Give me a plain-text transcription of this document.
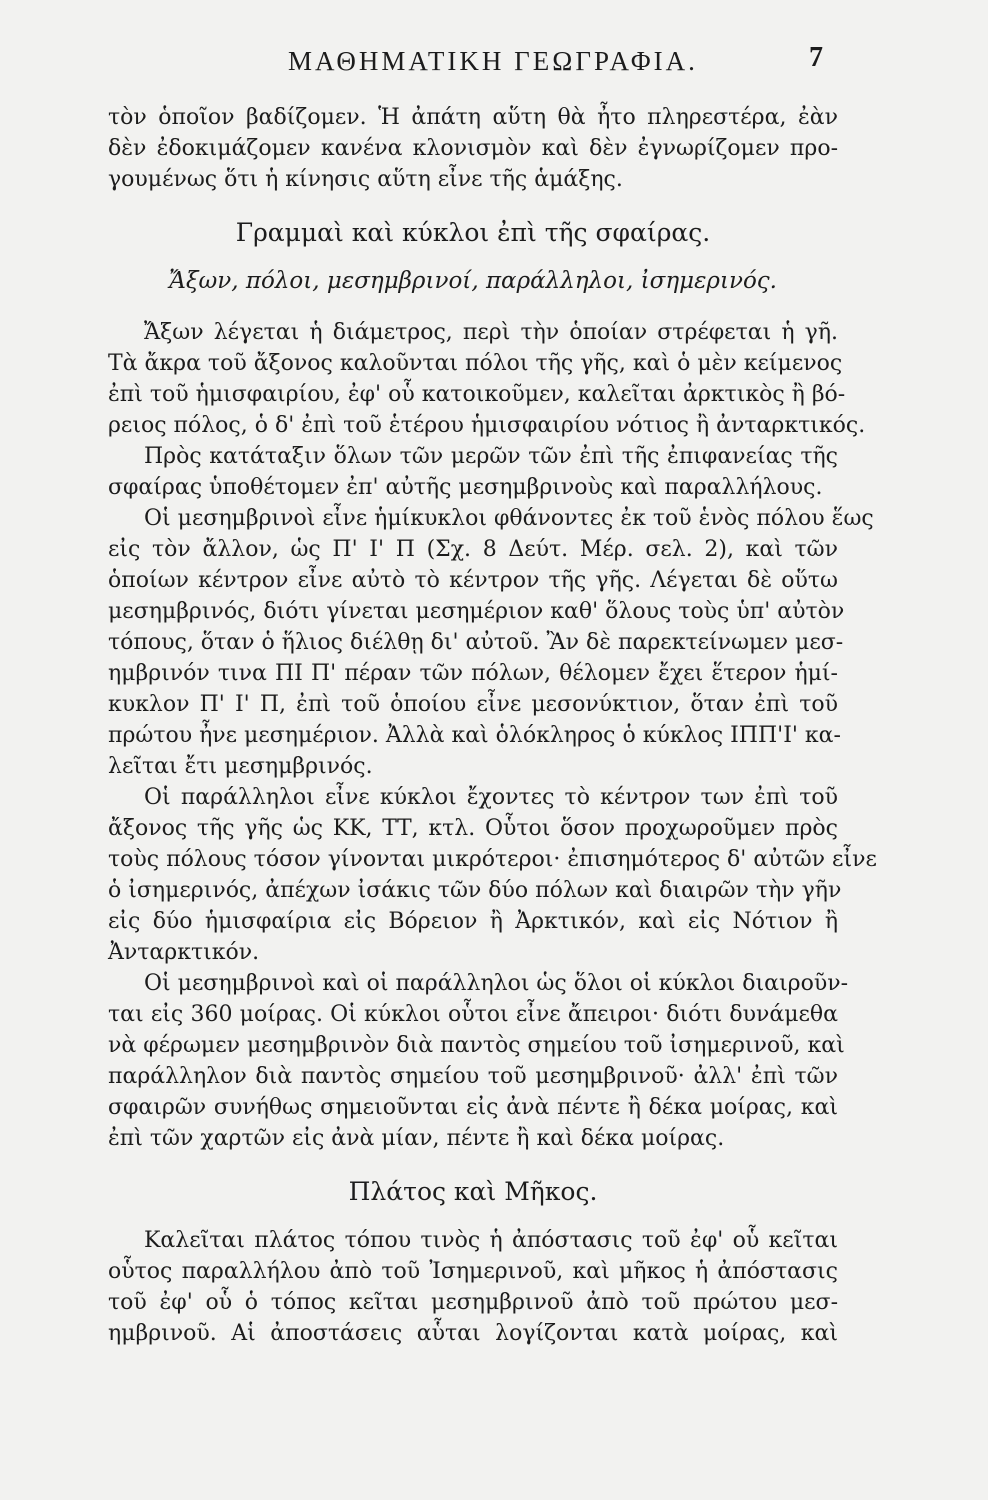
ΜΑΘΗΜΑΤΙΚΗ ΓΕΩΓΡΑΦΙΑ.	7
τὸν ὁποῖον βαδίζομεν. Ἡ ἀπάτη αὕτη θὰ ἦτο πληρεστέρα, ἐὰν
δὲν ἐδοκιμάζομεν κανένα κλονισμὸν καὶ δὲν ἐγνωρίζομεν προ-
γουμένως ὅτι ἡ κίνησις αὕτη εἶνε τῆς ἁμάξης.
Γραμμαὶ καὶ κύκλοι ἐπὶ τῆς σφαίρας.
Ἄξων, πόλοι, μεσημβρινοί, παράλληλοι, ἰσημερινός.
Ἄξων λέγεται ἡ διάμετρος, περὶ τὴν ὁποίαν στρέφεται ἡ γῆ.
Τὰ ἄκρα τοῦ ἄξονος καλοῦνται πόλοι τῆς γῆς, καὶ ὁ μὲν κείμενος
ἐπὶ τοῦ ἡμισφαιρίου, ἐφ' οὗ κατοικοῦμεν, καλεῖται ἀρκτικὸς ἢ βό-
ρειος πόλος, ὁ δ' ἐπὶ τοῦ ἑτέρου ἡμισφαιρίου νότιος ἢ ἀνταρκτικός.
Πρὸς κατάταξιν ὅλων τῶν μερῶν τῶν ἐπὶ τῆς ἐπιφανείας τῆς
σφαίρας ὑποθέτομεν ἐπ' αὐτῆς μεσημβρινοὺς καὶ παραλλήλους.
Οἱ μεσημβρινοὶ εἶνε ἡμίκυκλοι φθάνοντες ἐκ τοῦ ἑνὸς πόλου ἕως
εἰς τὸν ἄλλον, ὡς Π' Ι' Π (Σχ. 8 Δεύτ. Μέρ. σελ. 2), καὶ τῶν
ὁποίων κέντρον εἶνε αὐτὸ τὸ κέντρον τῆς γῆς. Λέγεται δὲ οὕτω
μεσημβρινός, διότι γίνεται μεσημέριον καθ' ὅλους τοὺς ὑπ' αὐτὸν
τόπους, ὅταν ὁ ἥλιος διέλθῃ δι' αὐτοῦ. Ἂν δὲ παρεκτείνωμεν μεσ-
ημβρινόν τινα ΠΙ Π' πέραν τῶν πόλων, θέλομεν ἔχει ἕτερον ἡμί-
κυκλον Π' Ι' Π, ἐπὶ τοῦ ὁποίου εἶνε μεσονύκτιον, ὅταν ἐπὶ τοῦ
πρώτου ἦνε μεσημέριον. Ἀλλὰ καὶ ὁλόκληρος ὁ κύκλος ΙΠΠ'Ι' κα-
λεῖται ἔτι μεσημβρινός.
Οἱ παράλληλοι εἶνε κύκλοι ἔχοντες τὸ κέντρον των ἐπὶ τοῦ
ἄξονος τῆς γῆς ὡς ΚΚ, ΤΤ, κτλ. Οὗτοι ὅσον προχωροῦμεν πρὸς
τοὺς πόλους τόσον γίνονται μικρότεροι· ἐπισημότερος δ' αὐτῶν εἶνε
ὁ ἰσημερινός, ἀπέχων ἰσάκις τῶν δύο πόλων καὶ διαιρῶν τὴν γῆν
εἰς δύο ἡμισφαίρια εἰς Βόρειον ἢ Ἀρκτικόν, καὶ εἰς Νότιον ἢ
Ἀνταρκτικόν.
Οἱ μεσημβρινοὶ καὶ οἱ παράλληλοι ὡς ὅλοι οἱ κύκλοι διαιροῦν-
ται εἰς 360 μοίρας. Οἱ κύκλοι οὗτοι εἶνε ἄπειροι· διότι δυνάμεθα
νὰ φέρωμεν μεσημβρινὸν διὰ παντὸς σημείου τοῦ ἰσημερινοῦ, καὶ
παράλληλον διὰ παντὸς σημείου τοῦ μεσημβρινοῦ· ἀλλ' ἐπὶ τῶν
σφαιρῶν συνήθως σημειοῦνται εἰς ἀνὰ πέντε ἢ δέκα μοίρας, καὶ
ἐπὶ τῶν χαρτῶν εἰς ἀνὰ μίαν, πέντε ἢ καὶ δέκα μοίρας.
Πλάτος καὶ Μῆκος.
Καλεῖται πλάτος τόπου τινὸς ἡ ἀπόστασις τοῦ ἐφ' οὗ κεῖται
οὗτος παραλλήλου ἀπὸ τοῦ Ἰσημερινοῦ, καὶ μῆκος ἡ ἀπόστασις
τοῦ ἐφ' οὗ ὁ τόπος κεῖται μεσημβρινοῦ ἀπὸ τοῦ πρώτου μεσ-
ημβρινοῦ. Αἱ ἀποστάσεις αὗται λογίζονται κατὰ μοίρας, καὶ
